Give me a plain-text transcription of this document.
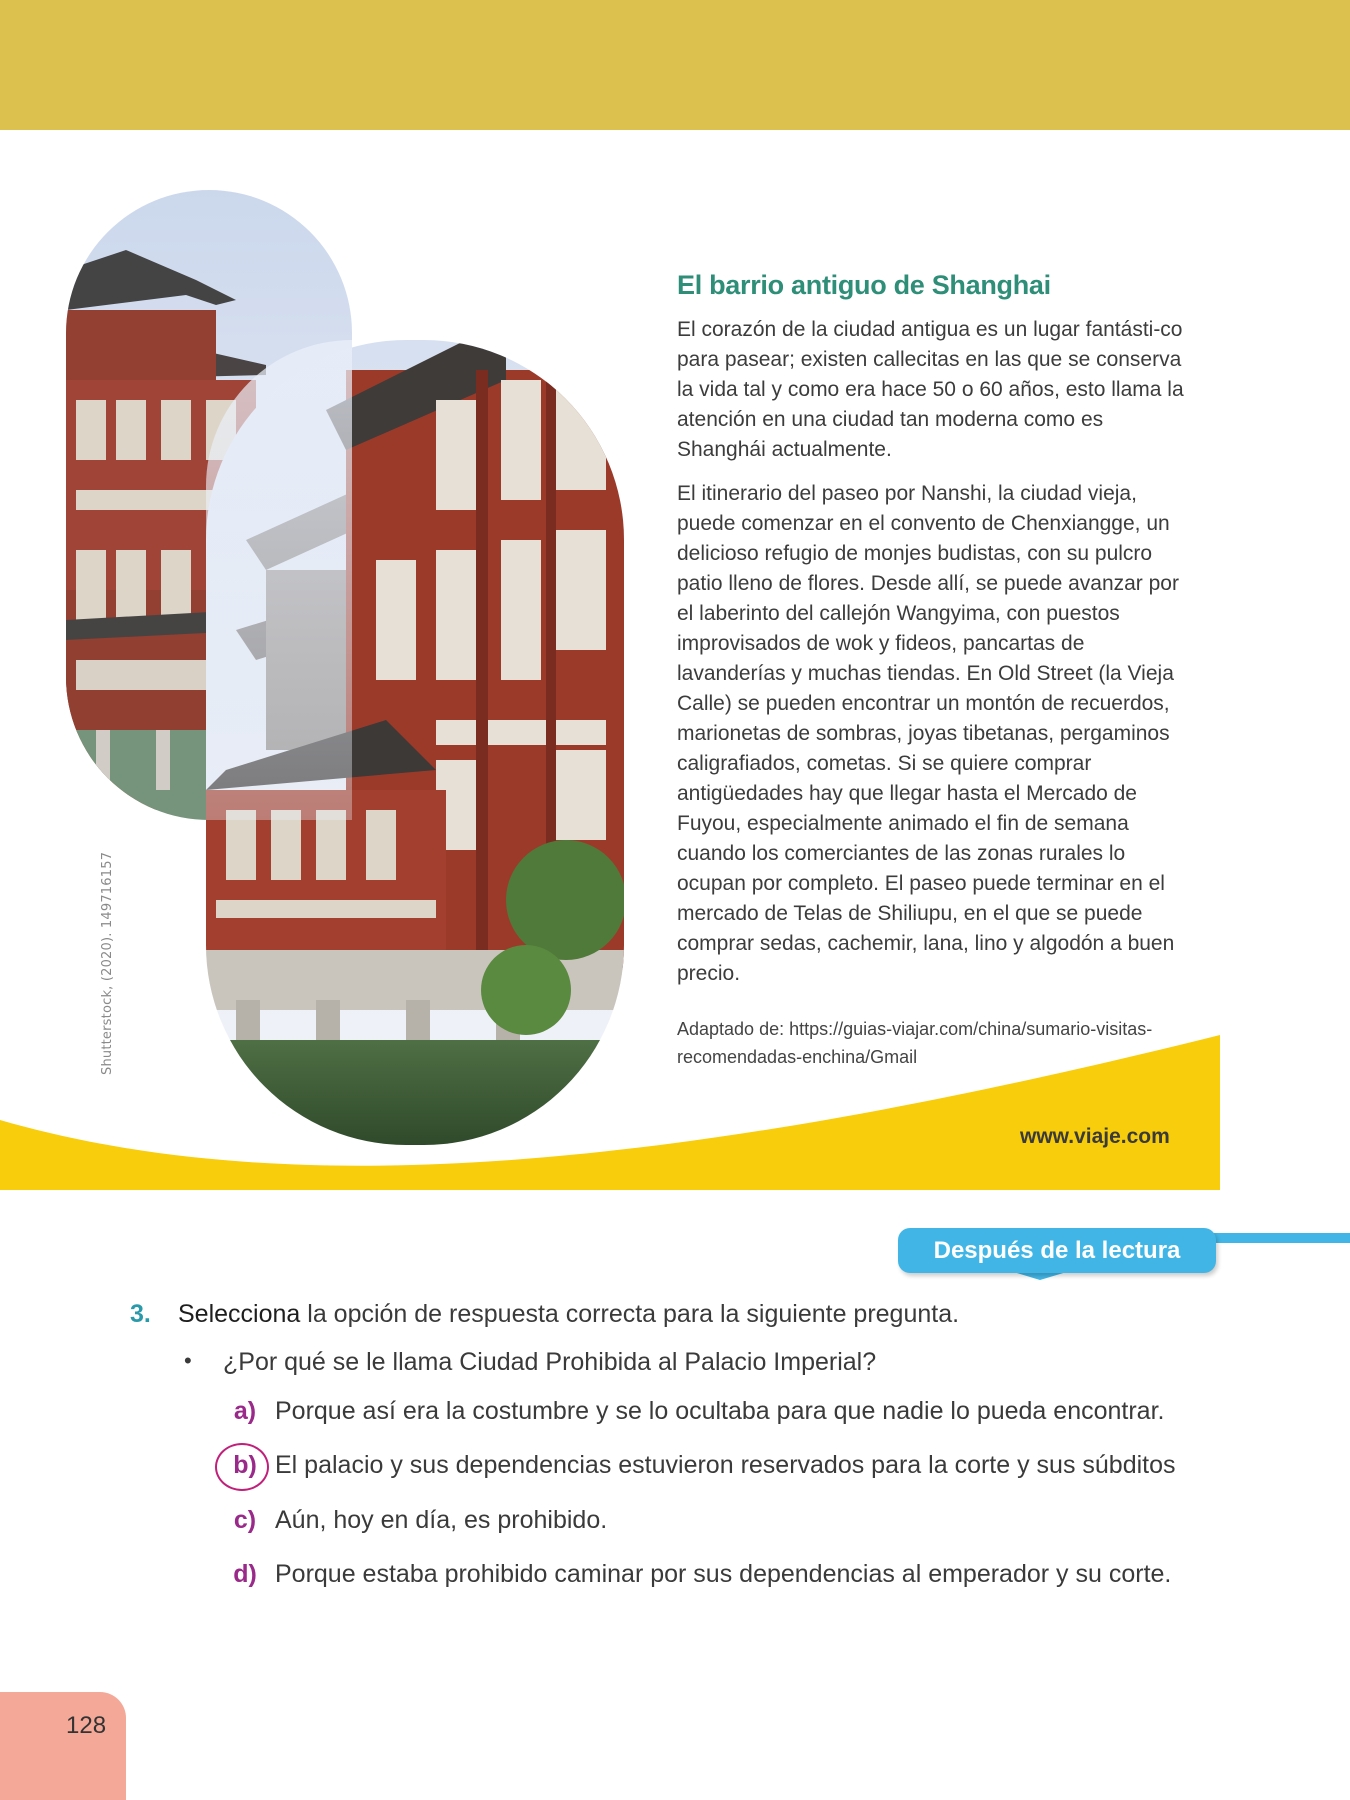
Shutterstock, (2020). 149716157
El barrio antiguo de Shanghai

El corazón de la ciudad antigua es un lugar fantásti-co para pasear; existen callecitas en las que se conserva la vida tal y como era hace 50 o 60 años, esto llama la atención en una ciudad tan moderna como es Shanghái actualmente.

El itinerario del paseo por Nanshi, la ciudad vieja, puede comenzar en el convento de Chenxiangge, un delicioso refugio de monjes budistas, con su pulcro patio lleno de flores. Desde allí, se puede avanzar por el laberinto del callejón Wangyima, con puestos improvisados de wok y fideos, pancartas de lavanderías y muchas tiendas. En Old Street (la Vieja Calle) se pueden encontrar un montón de recuerdos, marionetas de sombras, joyas tibetanas, pergaminos caligrafiados, cometas. Si se quiere comprar antigüedades hay que llegar hasta el Mercado de Fuyou, especialmente animado el fin de semana cuando los comerciantes de las zonas rurales lo ocupan por completo. El paseo puede terminar en el mercado de Telas de Shiliupu, en el que se puede comprar sedas, cachemir, lana, lino y algodón a buen precio.

Adaptado de: https://guias-viajar.com/china/sumario-visitas-recomendadas-enchina/Gmail
www.viaje.com
Después de la lectura
3. Selecciona la opción de respuesta correcta para la siguiente pregunta.
• ¿Por qué se le llama Ciudad Prohibida al Palacio Imperial?
a) Porque así era la costumbre y se lo ocultaba para que nadie lo pueda encontrar.
b) El palacio y sus dependencias estuvieron reservados para la corte y sus súbditos
c) Aún, hoy en día, es prohibido.
d) Porque estaba prohibido caminar por sus dependencias al emperador y su corte.
128
